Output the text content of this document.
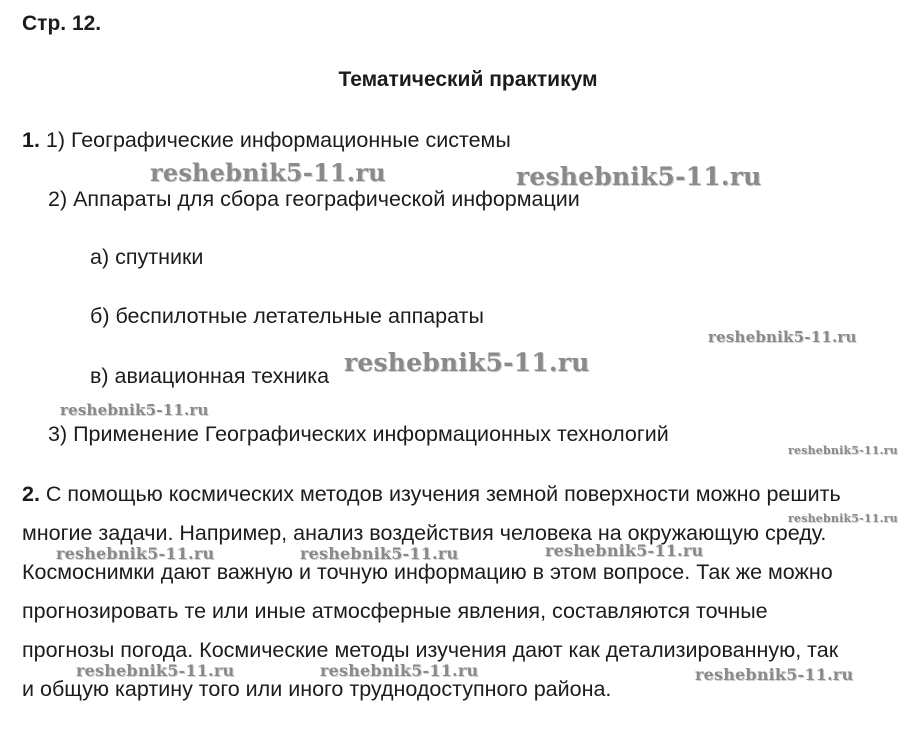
Стр. 12.
Тематический практикум
1. 1) Географические информационные системы
2) Аппараты для сбора географической информации
а) спутники
б) беспилотные летательные аппараты
в) авиационная техника
3) Применение Географических информационных технологий
2. С помощью космических методов изучения земной поверхности можно решить
многие задачи. Например, анализ воздействия человека на окружающую среду.
Космоснимки дают важную и точную информацию в этом вопросе. Так же можно
прогнозировать те или иные атмосферные явления, составляются точные
прогнозы погода. Космические методы изучения дают как детализированную, так
и общую картину того или иного труднодоступного района.
reshebnik5-11.ru	reshebnik5-11.ru
reshebnik5-11.ru
reshebnik5-11.ru
reshebnik5-11.ru
reshebnik5-11.ru
reshebnik5-11.ru
reshebnik5-11.ru	reshebnik5-11.ru	reshebnik5-11.ru
reshebnik5-11.ru	reshebnik5-11.ru	reshebnik5-11.ru
